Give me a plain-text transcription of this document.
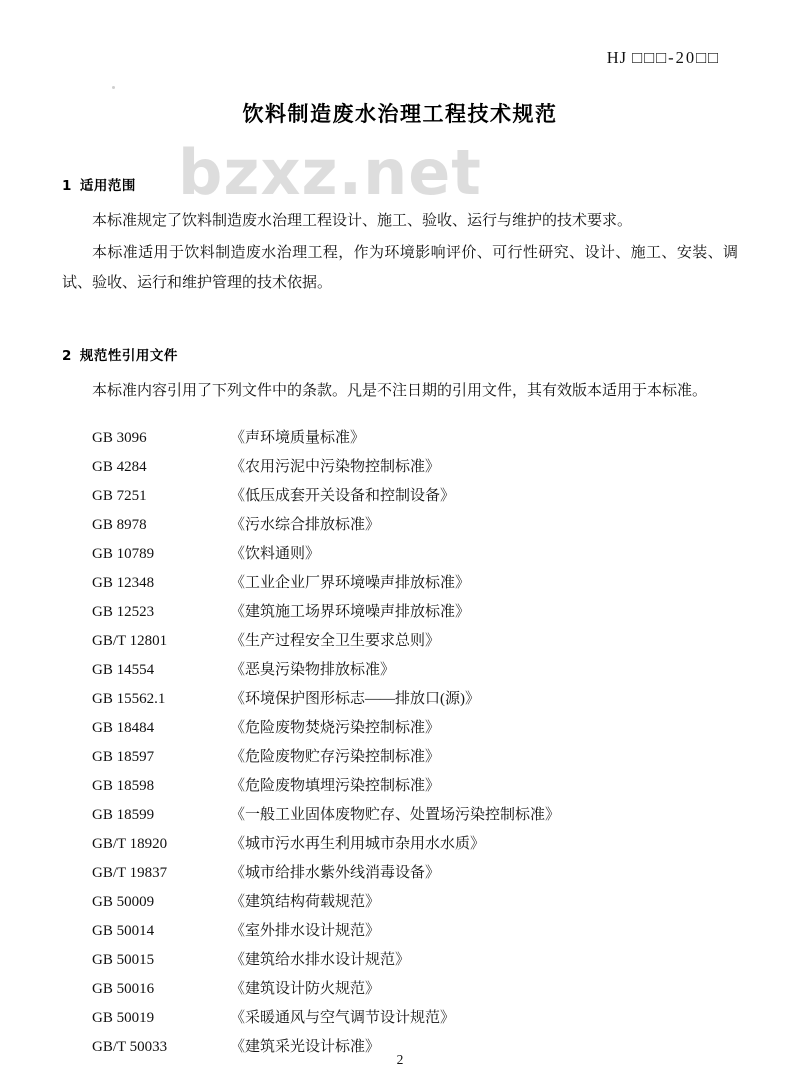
bzxz.net
HJ □□□-20□□
饮料制造废水治理工程技术规范
1 适用范围

本标准规定了饮料制造废水治理工程设计、施工、验收、运行与维护的技术要求。

本标准适用于饮料制造废水治理工程，作为环境影响评价、可行性研究、设计、施工、安装、调试、验收、运行和维护管理的技术依据。

2 规范性引用文件

本标准内容引用了下列文件中的条款。凡是不注日期的引用文件，其有效版本适用于本标准。

GB 3096	《声环境质量标准》
GB 4284	《农用污泥中污染物控制标准》
GB 7251	《低压成套开关设备和控制设备》
GB 8978	《污水综合排放标准》
GB 10789	《饮料通则》
GB 12348	《工业企业厂界环境噪声排放标准》
GB 12523	《建筑施工场界环境噪声排放标准》
GB/T 12801	《生产过程安全卫生要求总则》
GB 14554	《恶臭污染物排放标准》
GB 15562.1	《环境保护图形标志——排放口(源)》
GB 18484	《危险废物焚烧污染控制标准》
GB 18597	《危险废物贮存污染控制标准》
GB 18598	《危险废物填埋污染控制标准》
GB 18599	《一般工业固体废物贮存、处置场污染控制标准》
GB/T 18920	《城市污水再生利用城市杂用水水质》
GB/T 19837	《城市给排水紫外线消毒设备》
GB 50009	《建筑结构荷载规范》
GB 50014	《室外排水设计规范》
GB 50015	《建筑给水排水设计规范》
GB 50016	《建筑设计防火规范》
GB 50019	《采暖通风与空气调节设计规范》
GB/T 50033	《建筑采光设计标准》
2
